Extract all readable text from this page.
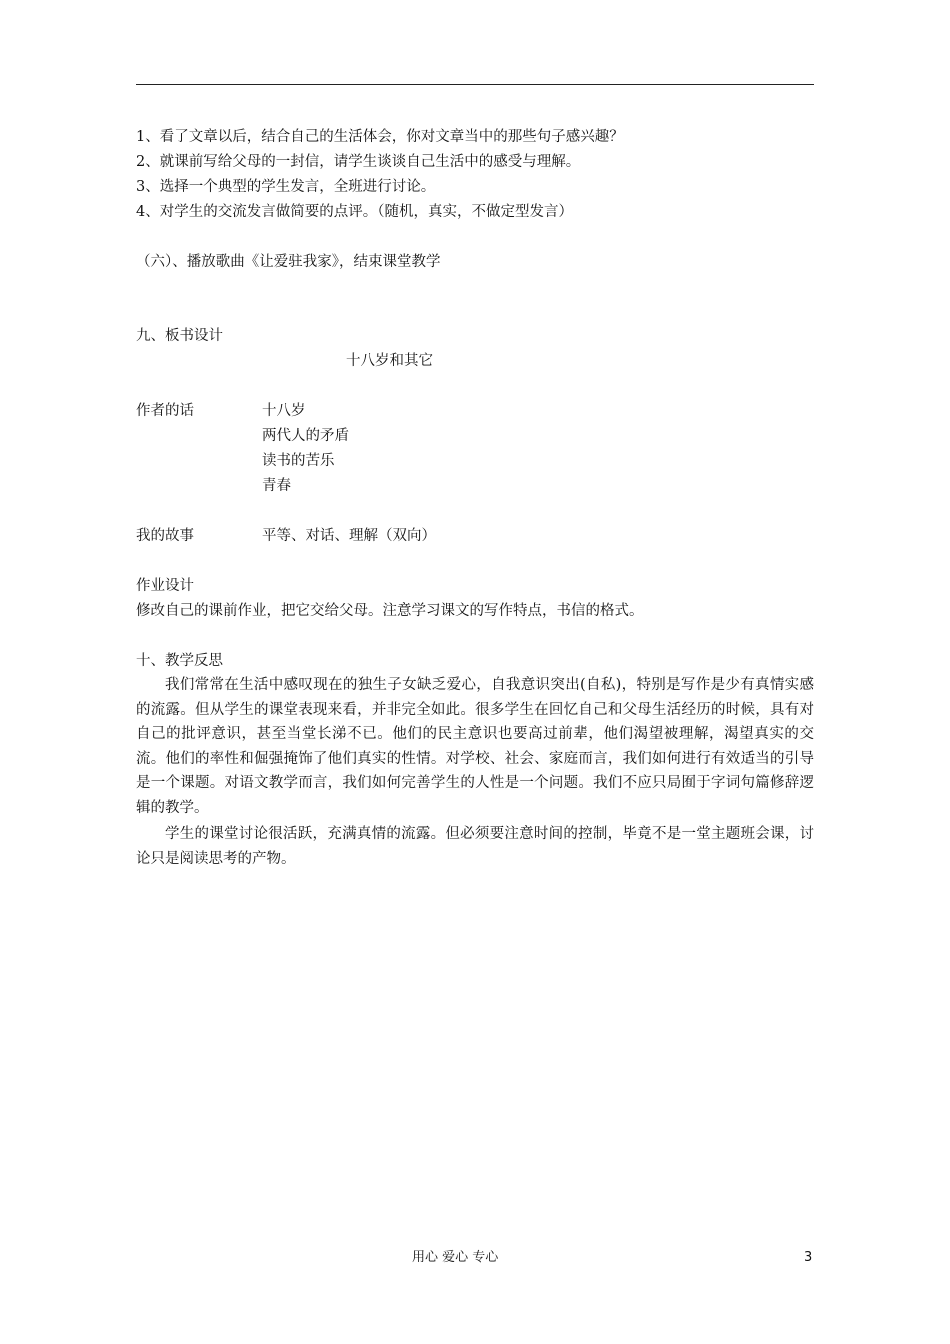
1、看了文章以后，结合自己的生活体会，你对文章当中的那些句子感兴趣？
2、就课前写给父母的一封信，请学生谈谈自己生活中的感受与理解。
3、选择一个典型的学生发言，全班进行讨论。
4、对学生的交流发言做简要的点评。（随机，真实，不做定型发言）
（六）、播放歌曲《让爱驻我家》，结束课堂教学
九、板书设计
十八岁和其它
作者的话	十八岁
两代人的矛盾
读书的苦乐
青春
我的故事	平等、对话、理解（双向）
作业设计
修改自己的课前作业，把它交给父母。注意学习课文的写作特点，书信的格式。
十、教学反思
我们常常在生活中感叹现在的独生子女缺乏爱心，自我意识突出(自私)，特别是写作是少有真情实感的流露。但从学生的课堂表现来看，并非完全如此。很多学生在回忆自己和父母生活经历的时候，具有对自己的批评意识，甚至当堂长涕不已。他们的民主意识也要高过前辈，他们渴望被理解，渴望真实的交流。他们的率性和倔强掩饰了他们真实的性情。对学校、社会、家庭而言，我们如何进行有效适当的引导是一个课题。对语文教学而言，我们如何完善学生的人性是一个问题。我们不应只局囿于字词句篇修辞逻辑的教学。
学生的课堂讨论很活跃，充满真情的流露。但必须要注意时间的控制，毕竟不是一堂主题班会课，讨论只是阅读思考的产物。
用心 爱心 专心	3
